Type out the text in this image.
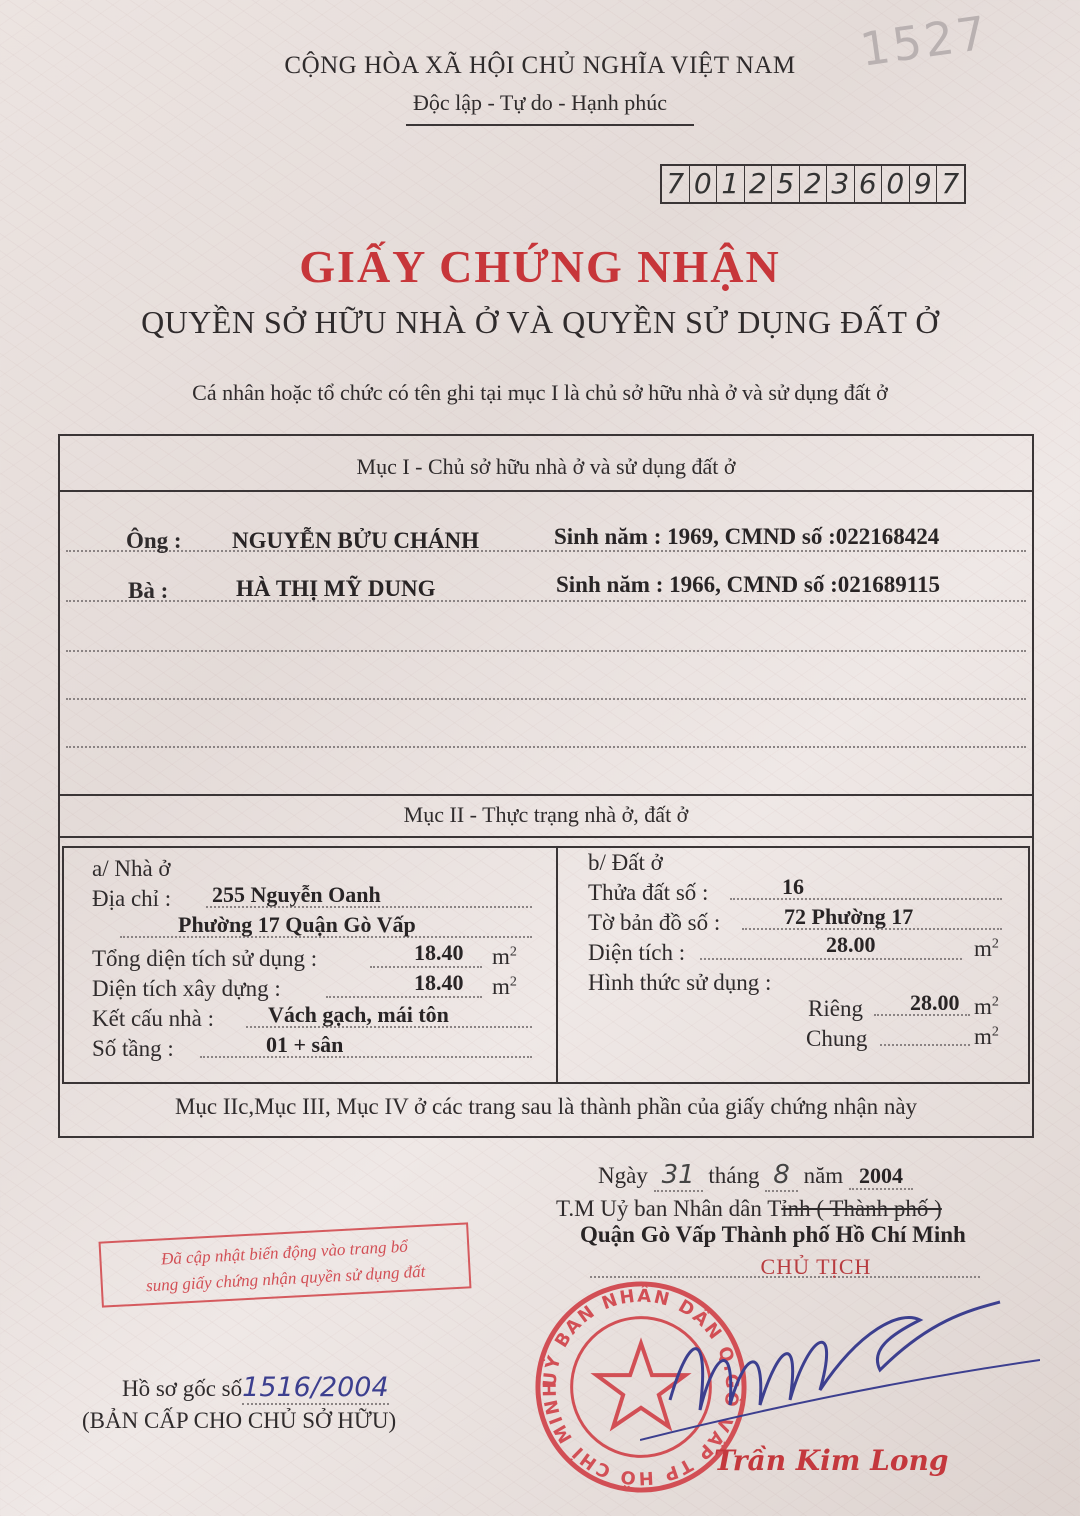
CỘNG HÒA XÃ HỘI CHỦ NGHĨA VIỆT NAM
Độc lập - Tự do - Hạnh phúc
1527
7 0 1 2 5 2 3 6 0 9 7
GIẤY CHỨNG NHẬN
QUYỀN SỞ HỮU NHÀ Ở VÀ QUYỀN SỬ DỤNG ĐẤT Ở
Cá nhân hoặc tổ chức có tên ghi tại mục I là chủ sở hữu nhà ở và sử dụng đất ở
Mục I - Chủ sở hữu nhà ở và sử dụng đất ở
Ông : NGUYỄN BỬU CHÁNH	Sinh năm : 1969, CMND số :022168424
Bà :	HÀ THỊ MỸ DUNG	Sinh năm : 1966, CMND số :021689115
Mục II - Thực trạng nhà ở, đất ở
a/ Nhà ở
Địa chỉ : 255 Nguyễn Oanh
Phường 17 Quận Gò Vấp
Tổng diện tích sử dụng :	18.40 $m^2$
Diện tích xây dựng :	18.40 $m^2$
Kết cấu nhà : Vách gạch, mái tôn
Số tầng :	01 + sân
b/ Đất ở
Thửa đất số :	16
Tờ bản đồ số :	72 Phường 17
Diện tích :	28.00	$m^2$
Hình thức sử dụng :
Riêng 28.00 $m^2$
Chung	$m^2$
Mục IIc,Mục III, Mục IV ở các trang sau là thành phần của giấy chứng nhận này
Ngày 31 tháng 8 năm 2004
T.M Uỷ ban Nhân dân Tỉnh ( Thành phố )
Quận Gò Vấp Thành phố Hồ Chí Minh
CHỦ TỊCH
Đã cập nhật biến động vào trang bổ
sung giấy chứng nhận quyền sử dụng đất
Hồ sơ gốc số1516/2004
(BẢN CẤP CHO CHỦ SỞ HỮU)
UỶ BAN NHÂN DÂN Q.GÒ VẤP TP HỒ CHÍ MINH
Trần Kim Long
